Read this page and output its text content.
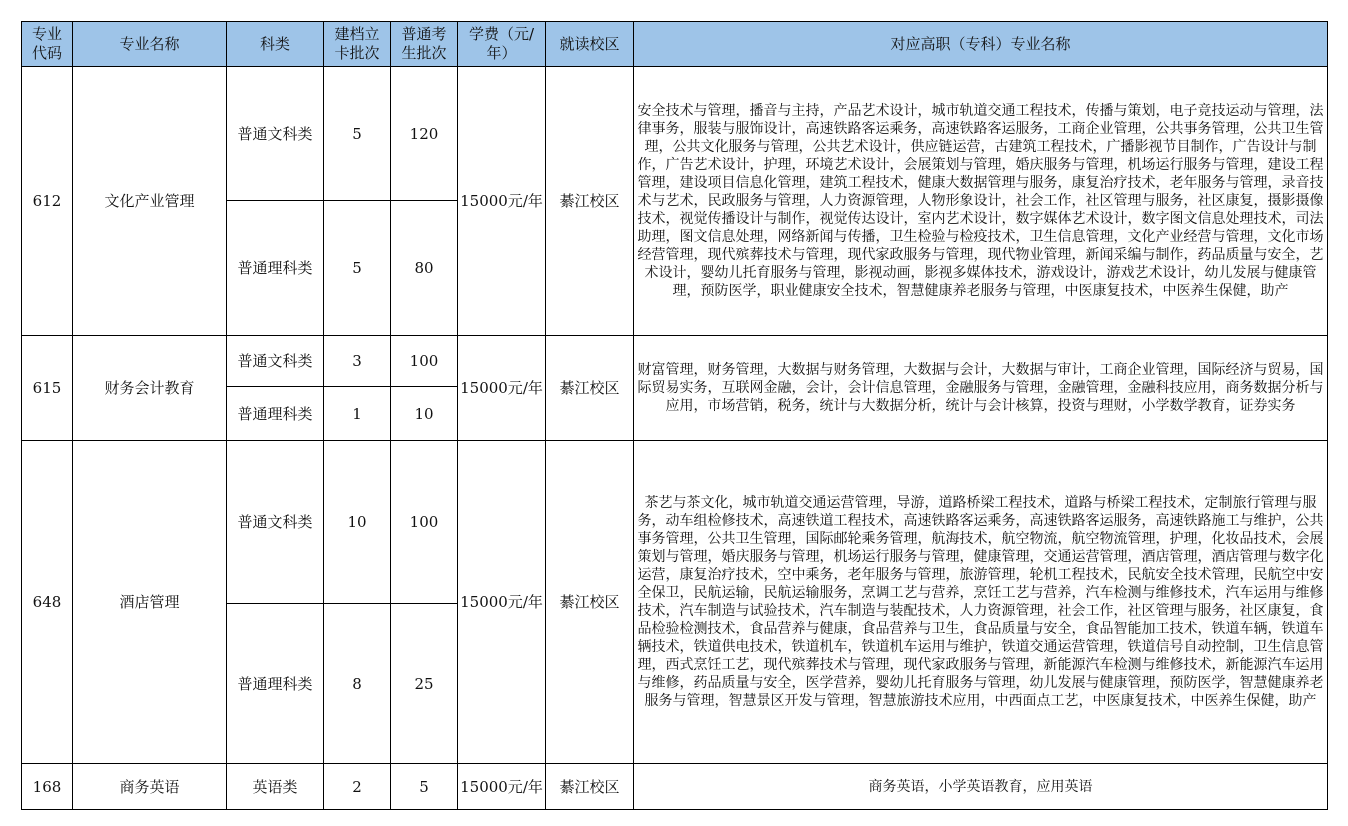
专业代码	专业名称	科类	建档立卡批次	普通考生批次	学费（元/年）	就读校区	对应高职（专科）专业名称
612	文化产业管理	普通文科类	5	120	15000元/年	綦江校区	安全技术与管理，播音与主持，产品艺术设计，城市轨道交通工程技术，传播与策划，电子竞技运动与管理，法律事务，服装与服饰设计，高速铁路客运乘务，高速铁路客运服务，工商企业管理，公共事务管理，公共卫生管理，公共文化服务与管理，公共艺术设计，供应链运营，古建筑工程技术，广播影视节目制作，广告设计与制作，广告艺术设计，护理，环境艺术设计，会展策划与管理，婚庆服务与管理，机场运行服务与管理，建设工程管理，建设项目信息化管理，建筑工程技术，健康大数据管理与服务，康复治疗技术，老年服务与管理，录音技术与艺术，民政服务与管理，人力资源管理，人物形象设计，社会工作，社区管理与服务，社区康复，摄影摄像技术，视觉传播设计与制作，视觉传达设计，室内艺术设计，数字媒体艺术设计，数字图文信息处理技术，司法助理，图文信息处理，网络新闻与传播，卫生检验与检疫技术，卫生信息管理，文化产业经营与管理，文化市场经营管理，现代殡葬技术与管理，现代家政服务与管理，现代物业管理，新闻采编与制作，药品质量与安全，艺术设计，婴幼儿托育服务与管理，影视动画，影视多媒体技术，游戏设计，游戏艺术设计，幼儿发展与健康管理，预防医学，职业健康安全技术，智慧健康养老服务与管理，中医康复技术，中医养生保健，助产
		普通理科类	5	80			
615	财务会计教育	普通文科类	3	100	15000元/年	綦江校区	财富管理，财务管理，大数据与财务管理，大数据与会计，大数据与审计，工商企业管理，国际经济与贸易，国际贸易实务，互联网金融，会计，会计信息管理，金融服务与管理，金融管理，金融科技应用，商务数据分析与应用，市场营销，税务，统计与大数据分析，统计与会计核算，投资与理财，小学数学教育，证券实务
		普通理科类	1	10			
648	酒店管理	普通文科类	10	100	15000元/年	綦江校区	茶艺与茶文化，城市轨道交通运营管理，导游，道路桥梁工程技术，道路与桥梁工程技术，定制旅行管理与服务，动车组检修技术，高速铁道工程技术，高速铁路客运乘务，高速铁路客运服务，高速铁路施工与维护，公共事务管理，公共卫生管理，国际邮轮乘务管理，航海技术，航空物流，航空物流管理，护理，化妆品技术，会展策划与管理，婚庆服务与管理，机场运行服务与管理，健康管理，交通运营管理，酒店管理，酒店管理与数字化运营，康复治疗技术，空中乘务，老年服务与管理，旅游管理，轮机工程技术，民航安全技术管理，民航空中安全保卫，民航运输，民航运输服务，烹调工艺与营养，烹饪工艺与营养，汽车检测与维修技术，汽车运用与维修技术，汽车制造与试验技术，汽车制造与装配技术，人力资源管理，社会工作，社区管理与服务，社区康复，食品检验检测技术，食品营养与健康，食品营养与卫生，食品质量与安全，食品智能加工技术，铁道车辆，铁道车辆技术，铁道供电技术，铁道机车，铁道机车运用与维护，铁道交通运营管理，铁道信号自动控制，卫生信息管理，西式烹饪工艺，现代殡葬技术与管理，现代家政服务与管理，新能源汽车检测与维修技术，新能源汽车运用与维修，药品质量与安全，医学营养，婴幼儿托育服务与管理，幼儿发展与健康管理，预防医学，智慧健康养老服务与管理，智慧景区开发与管理，智慧旅游技术应用，中西面点工艺，中医康复技术，中医养生保健，助产
		普通理科类	8	25			
168	商务英语	英语类	2	5	15000元/年	綦江校区	商务英语，小学英语教育，应用英语
